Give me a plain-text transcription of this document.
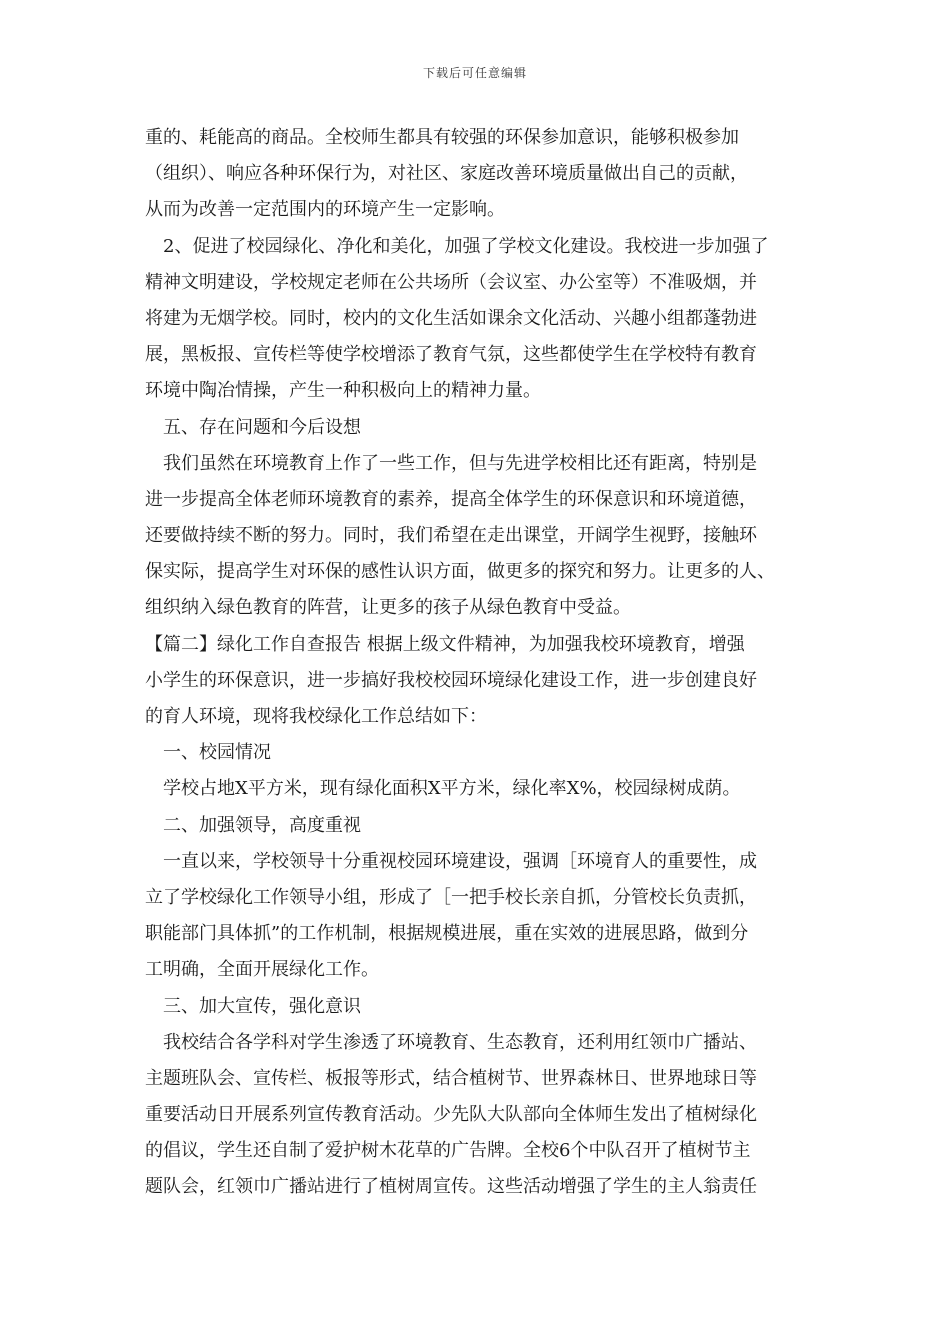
下载后可任意编辑
重的、耗能高的商品。全校师生都具有较强的环保参加意识，能够积极参加
（组织）、响应各种环保行为，对社区、家庭改善环境质量做出自己的贡献，
从而为改善一定范围内的环境产生一定影响。
2、促进了校园绿化、净化和美化，加强了学校文化建设。我校进一步加强了
精神文明建设，学校规定老师在公共场所（会议室、办公室等）不准吸烟，并
将建为无烟学校。同时，校内的文化生活如课余文化活动、兴趣小组都蓬勃进
展，黑板报、宣传栏等使学校增添了教育气氛，这些都使学生在学校特有教育
环境中陶冶情操，产生一种积极向上的精神力量。
五、存在问题和今后设想
我们虽然在环境教育上作了一些工作，但与先进学校相比还有距离，特别是
进一步提高全体老师环境教育的素养，提高全体学生的环保意识和环境道德，
还要做持续不断的努力。同时，我们希望在走出课堂，开阔学生视野，接触环
保实际，提高学生对环保的感性认识方面，做更多的探究和努力。让更多的人、
组织纳入绿色教育的阵营，让更多的孩子从绿色教育中受益。
【篇二】绿化工作自查报告 根据上级文件精神，为加强我校环境教育，增强
小学生的环保意识，进一步搞好我校校园环境绿化建设工作，进一步创建良好
的育人环境，现将我校绿化工作总结如下：
一、校园情况
学校占地X平方米，现有绿化面积X平方米，绿化率X%，校园绿树成荫。
二、加强领导，高度重视
一直以来，学校领导十分重视校园环境建设，强调［环境育人的重要性，成
立了学校绿化工作领导小组，形成了［一把手校长亲自抓，分管校长负责抓，
职能部门具体抓”的工作机制，根据规模进展，重在实效的进展思路，做到分
工明确，全面开展绿化工作。
三、加大宣传，强化意识
我校结合各学科对学生渗透了环境教育、生态教育，还利用红领巾广播站、
主题班队会、宣传栏、板报等形式，结合植树节、世界森林日、世界地球日等
重要活动日开展系列宣传教育活动。少先队大队部向全体师生发出了植树绿化
的倡议，学生还自制了爱护树木花草的广告牌。全校6个中队召开了植树节主
题队会，红领巾广播站进行了植树周宣传。这些活动增强了学生的主人翁责任
